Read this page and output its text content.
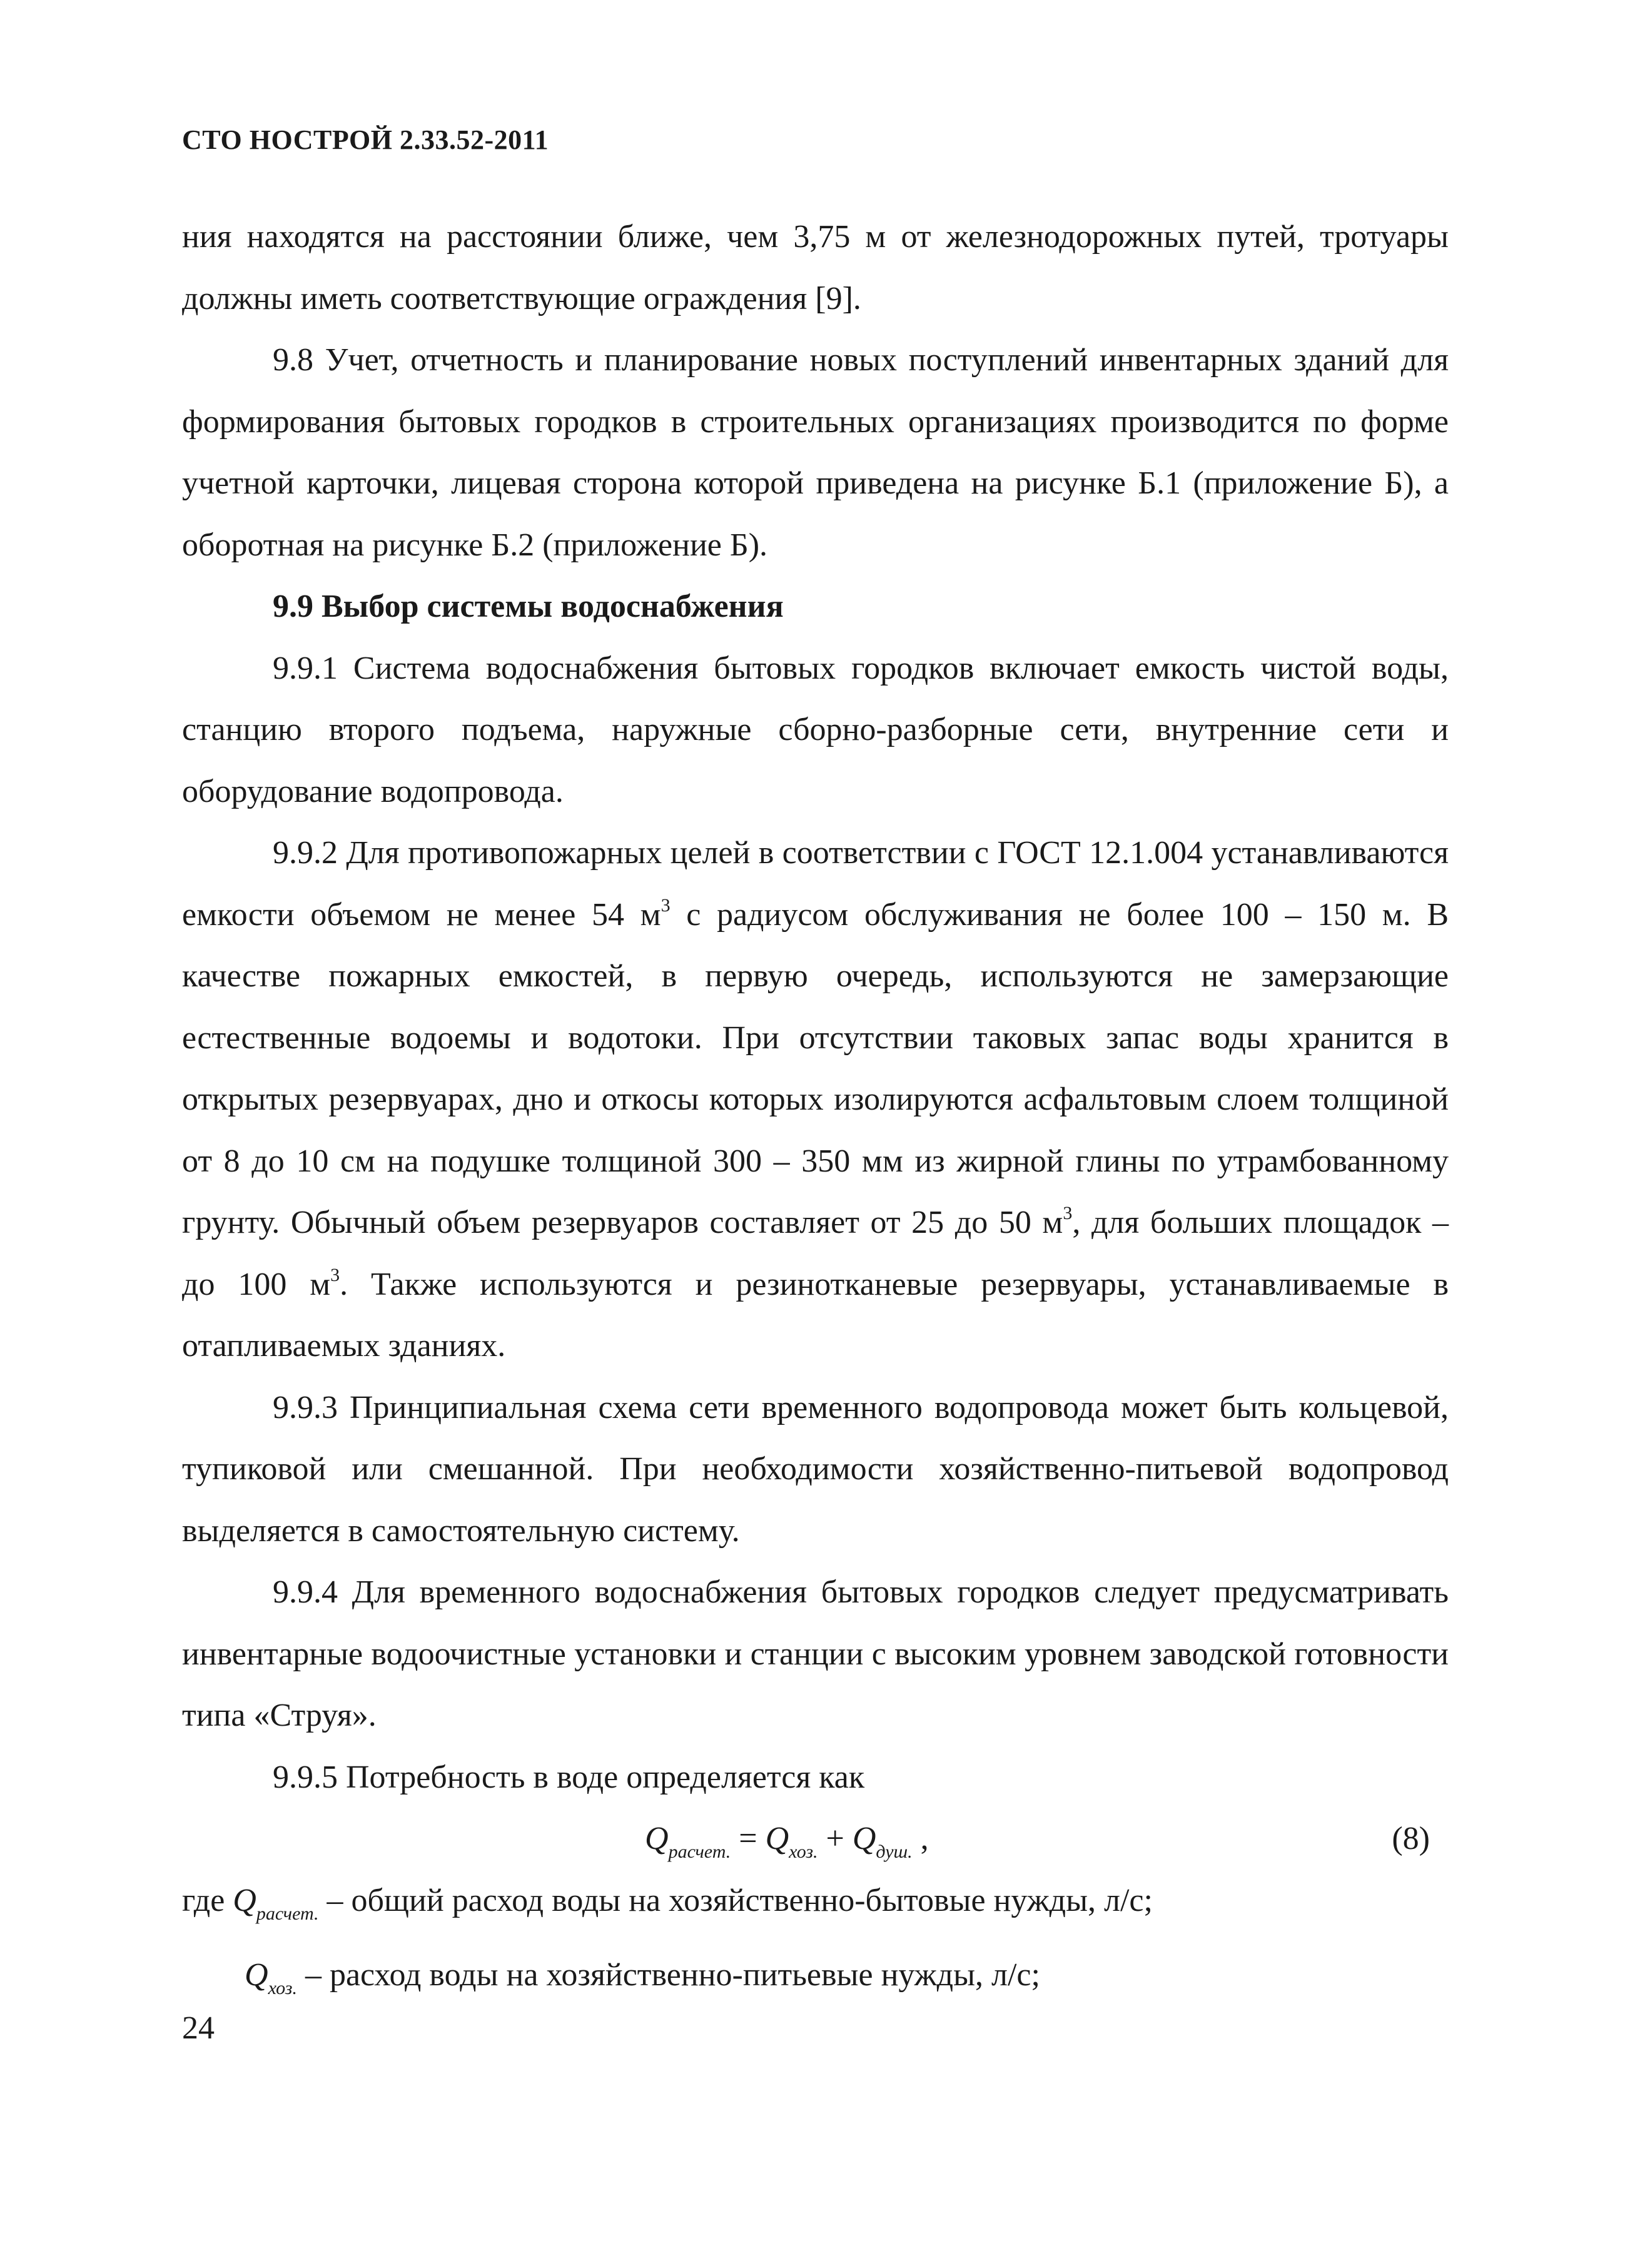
СТО НОСТРОЙ 2.33.52-2011

ния находятся на расстоянии ближе, чем 3,75 м от железнодорожных путей, тротуары должны иметь соответствующие ограждения [9].

9.8 Учет, отчетность и планирование новых поступлений инвентарных зданий для формирования бытовых городков в строительных организациях производится по форме учетной карточки, лицевая сторона которой приведена на рисунке Б.1 (приложение Б), а оборотная на рисунке Б.2 (приложение Б).

9.9 Выбор системы водоснабжения

9.9.1 Система водоснабжения бытовых городков включает емкость чистой воды, станцию второго подъема, наружные сборно-разборные сети, внутренние сети и оборудование водопровода.

9.9.2 Для противопожарных целей в соответствии с ГОСТ 12.1.004 устанавливаются емкости объемом не менее 54 $м^3$ с радиусом обслуживания не более 100 – 150 м. В качестве пожарных емкостей, в первую очередь, используются не замерзающие естественные водоемы и водотоки. При отсутствии таковых запас воды хранится в открытых резервуарах, дно и откосы которых изолируются асфальтовым слоем толщиной от 8 до 10 см на подушке толщиной 300 – 350 мм из жирной глины по утрамбованному грунту. Обычный объем резервуаров составляет от 25 до 50 $м^3$, для больших площадок – до 100 $м^3$. Также используются и резинотканевые резервуары, устанавливаемые в отапливаемых зданиях.

9.9.3 Принципиальная схема сети временного водопровода может быть кольцевой, тупиковой или смешанной. При необходимости хозяйственно-питьевой водопровод выделяется в самостоятельную систему.

9.9.4 Для временного водоснабжения бытовых городков следует предусматривать инвентарные водоочистные установки и станции с высоким уровнем заводской готовности типа «Струя».

9.9.5 Потребность в воде определяется как

$Q_{расчет.} = Q_{хоз.} + Q_{душ.}$ ,	(8)

где $Q_{расчет.}$ – общий расход воды на хозяйственно-бытовые нужды, л/с;

$Q_{хоз.}$ – расход воды на хозяйственно-питьевые нужды, л/с;

24
